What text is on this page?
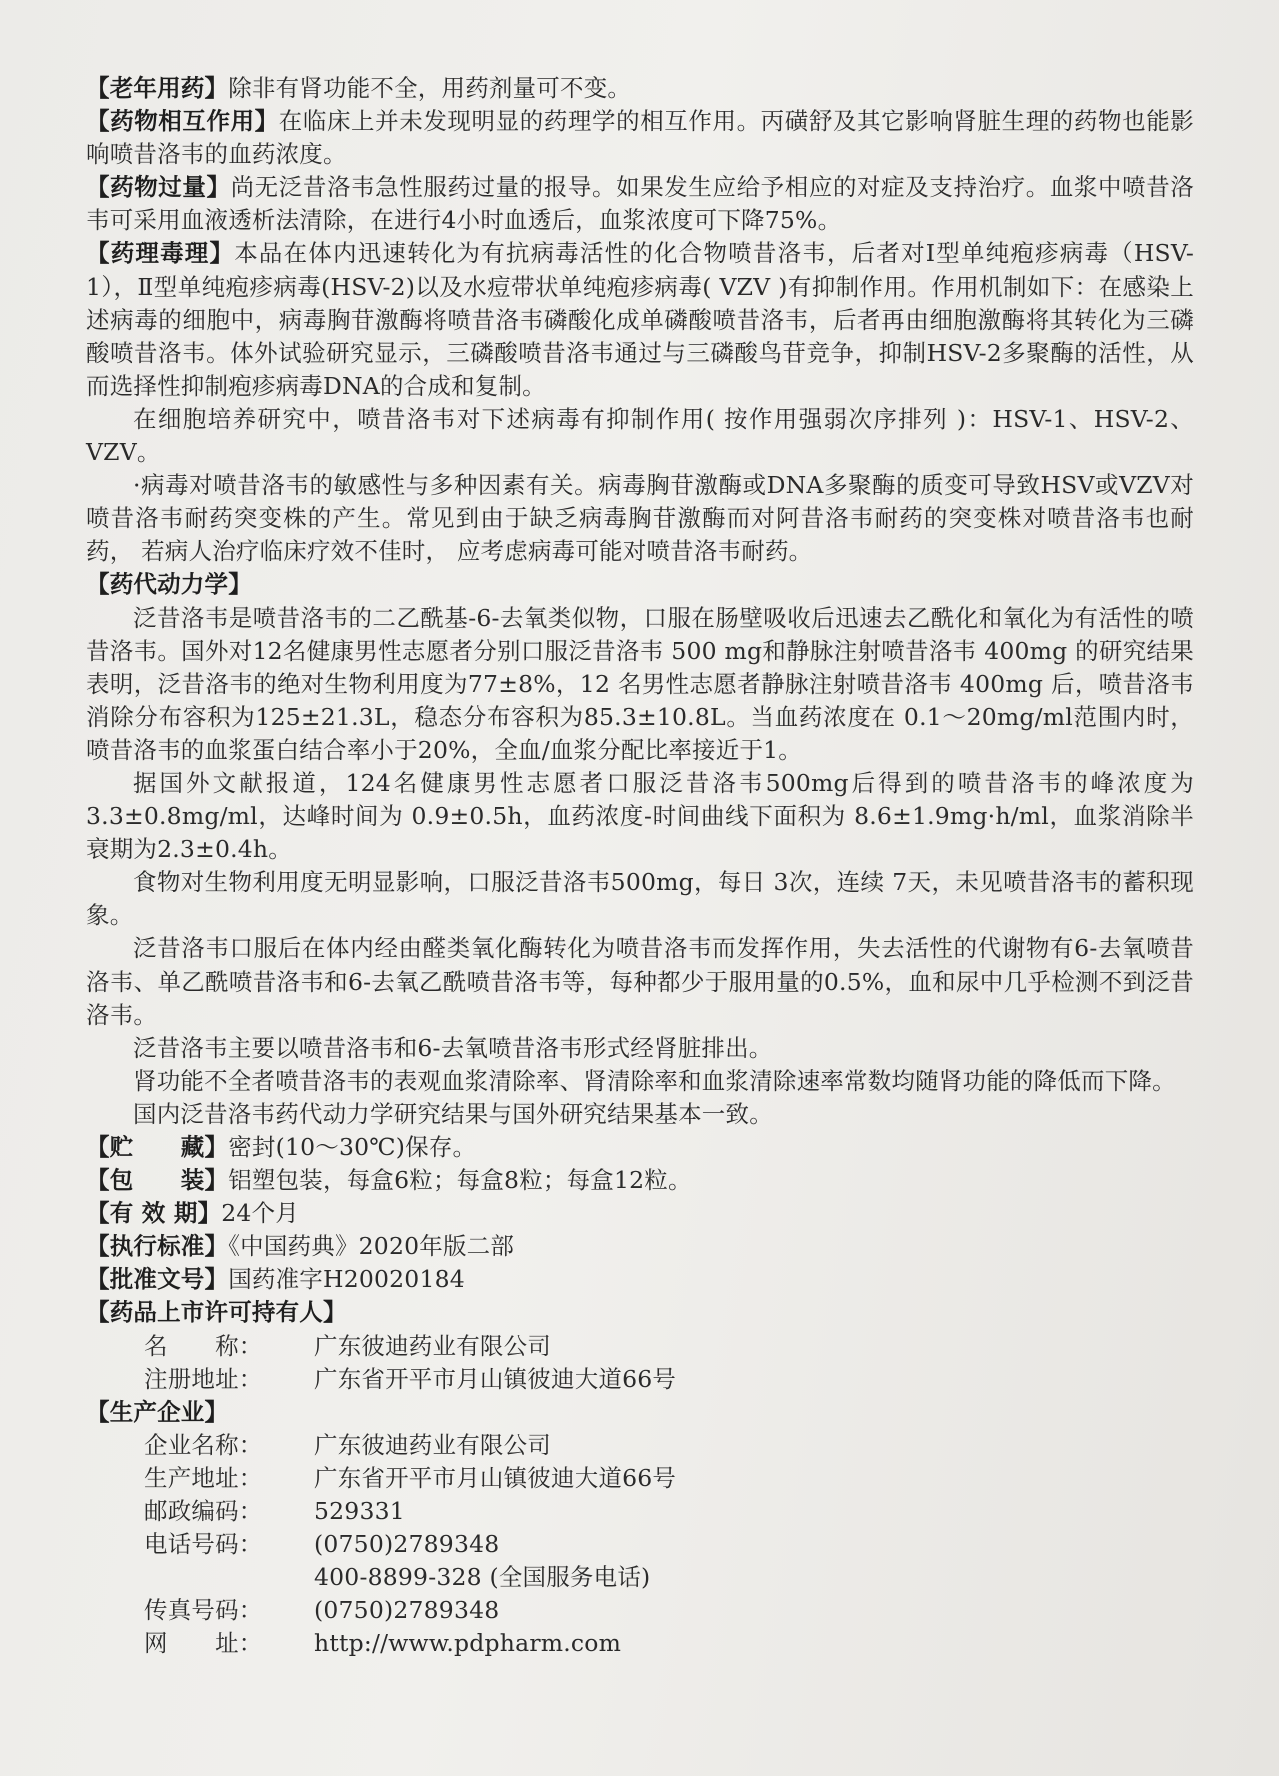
【老年用药】除非有肾功能不全，用药剂量可不变。

【药物相互作用】在临床上并未发现明显的药理学的相互作用。丙磺舒及其它影响肾脏生理的药物也能影响喷昔洛韦的血药浓度。

【药物过量】尚无泛昔洛韦急性服药过量的报导。如果发生应给予相应的对症及支持治疗。血浆中喷昔洛韦可采用血液透析法清除，在进行4小时血透后，血浆浓度可下降75%。

【药理毒理】本品在体内迅速转化为有抗病毒活性的化合物喷昔洛韦，后者对Ⅰ型单纯疱疹病毒（HSV-1），Ⅱ型单纯疱疹病毒(HSV-2)以及水痘带状单纯疱疹病毒( VZV )有抑制作用。作用机制如下：在感染上述病毒的细胞中，病毒胸苷激酶将喷昔洛韦磷酸化成单磷酸喷昔洛韦，后者再由细胞激酶将其转化为三磷酸喷昔洛韦。体外试验研究显示，三磷酸喷昔洛韦通过与三磷酸鸟苷竞争，抑制HSV-2多聚酶的活性，从而选择性抑制疱疹病毒DNA的合成和复制。

在细胞培养研究中，喷昔洛韦对下述病毒有抑制作用( 按作用强弱次序排列 )：HSV-1、HSV-2、VZV。

·病毒对喷昔洛韦的敏感性与多种因素有关。病毒胸苷激酶或DNA多聚酶的质变可导致HSV或VZV对喷昔洛韦耐药突变株的产生。常见到由于缺乏病毒胸苷激酶而对阿昔洛韦耐药的突变株对喷昔洛韦也耐药， 若病人治疗临床疗效不佳时， 应考虑病毒可能对喷昔洛韦耐药。

【药代动力学】

泛昔洛韦是喷昔洛韦的二乙酰基-6-去氧类似物，口服在肠壁吸收后迅速去乙酰化和氧化为有活性的喷昔洛韦。国外对12名健康男性志愿者分别口服泛昔洛韦 500 mg和静脉注射喷昔洛韦 400mg 的研究结果表明，泛昔洛韦的绝对生物利用度为77±8%，12 名男性志愿者静脉注射喷昔洛韦 400mg 后，喷昔洛韦消除分布容积为125±21.3L，稳态分布容积为85.3±10.8L。当血药浓度在 0.1～20mg/ml范围内时，喷昔洛韦的血浆蛋白结合率小于20%，全血/血浆分配比率接近于1。

据国外文献报道，124名健康男性志愿者口服泛昔洛韦500mg后得到的喷昔洛韦的峰浓度为3.3±0.8mg/ml，达峰时间为 0.9±0.5h，血药浓度-时间曲线下面积为 8.6±1.9mg·h/ml，血浆消除半衰期为2.3±0.4h。

食物对生物利用度无明显影响，口服泛昔洛韦500mg，每日 3次，连续 7天，未见喷昔洛韦的蓄积现象。

泛昔洛韦口服后在体内经由醛类氧化酶转化为喷昔洛韦而发挥作用，失去活性的代谢物有6-去氧喷昔洛韦、单乙酰喷昔洛韦和6-去氧乙酰喷昔洛韦等，每种都少于服用量的0.5%，血和尿中几乎检测不到泛昔洛韦。

泛昔洛韦主要以喷昔洛韦和6-去氧喷昔洛韦形式经肾脏排出。

肾功能不全者喷昔洛韦的表观血浆清除率、肾清除率和血浆清除速率常数均随肾功能的降低而下降。

国内泛昔洛韦药代动力学研究结果与国外研究结果基本一致。

【贮　　藏】密封(10～30℃)保存。

【包　　装】铝塑包装，每盒6粒；每盒8粒；每盒12粒。

【有 效 期】24个月

【执行标准】《中国药典》2020年版二部

【批准文号】国药准字H20020184

【药品上市许可持有人】

名　　称： 广东彼迪药业有限公司

注册地址： 广东省开平市月山镇彼迪大道66号

【生产企业】

企业名称： 广东彼迪药业有限公司

生产地址： 广东省开平市月山镇彼迪大道66号

邮政编码： 529331

电话号码： (0750)2789348

400-8899-328 (全国服务电话)

传真号码： (0750)2789348

网　　址： http://www.pdpharm.com
